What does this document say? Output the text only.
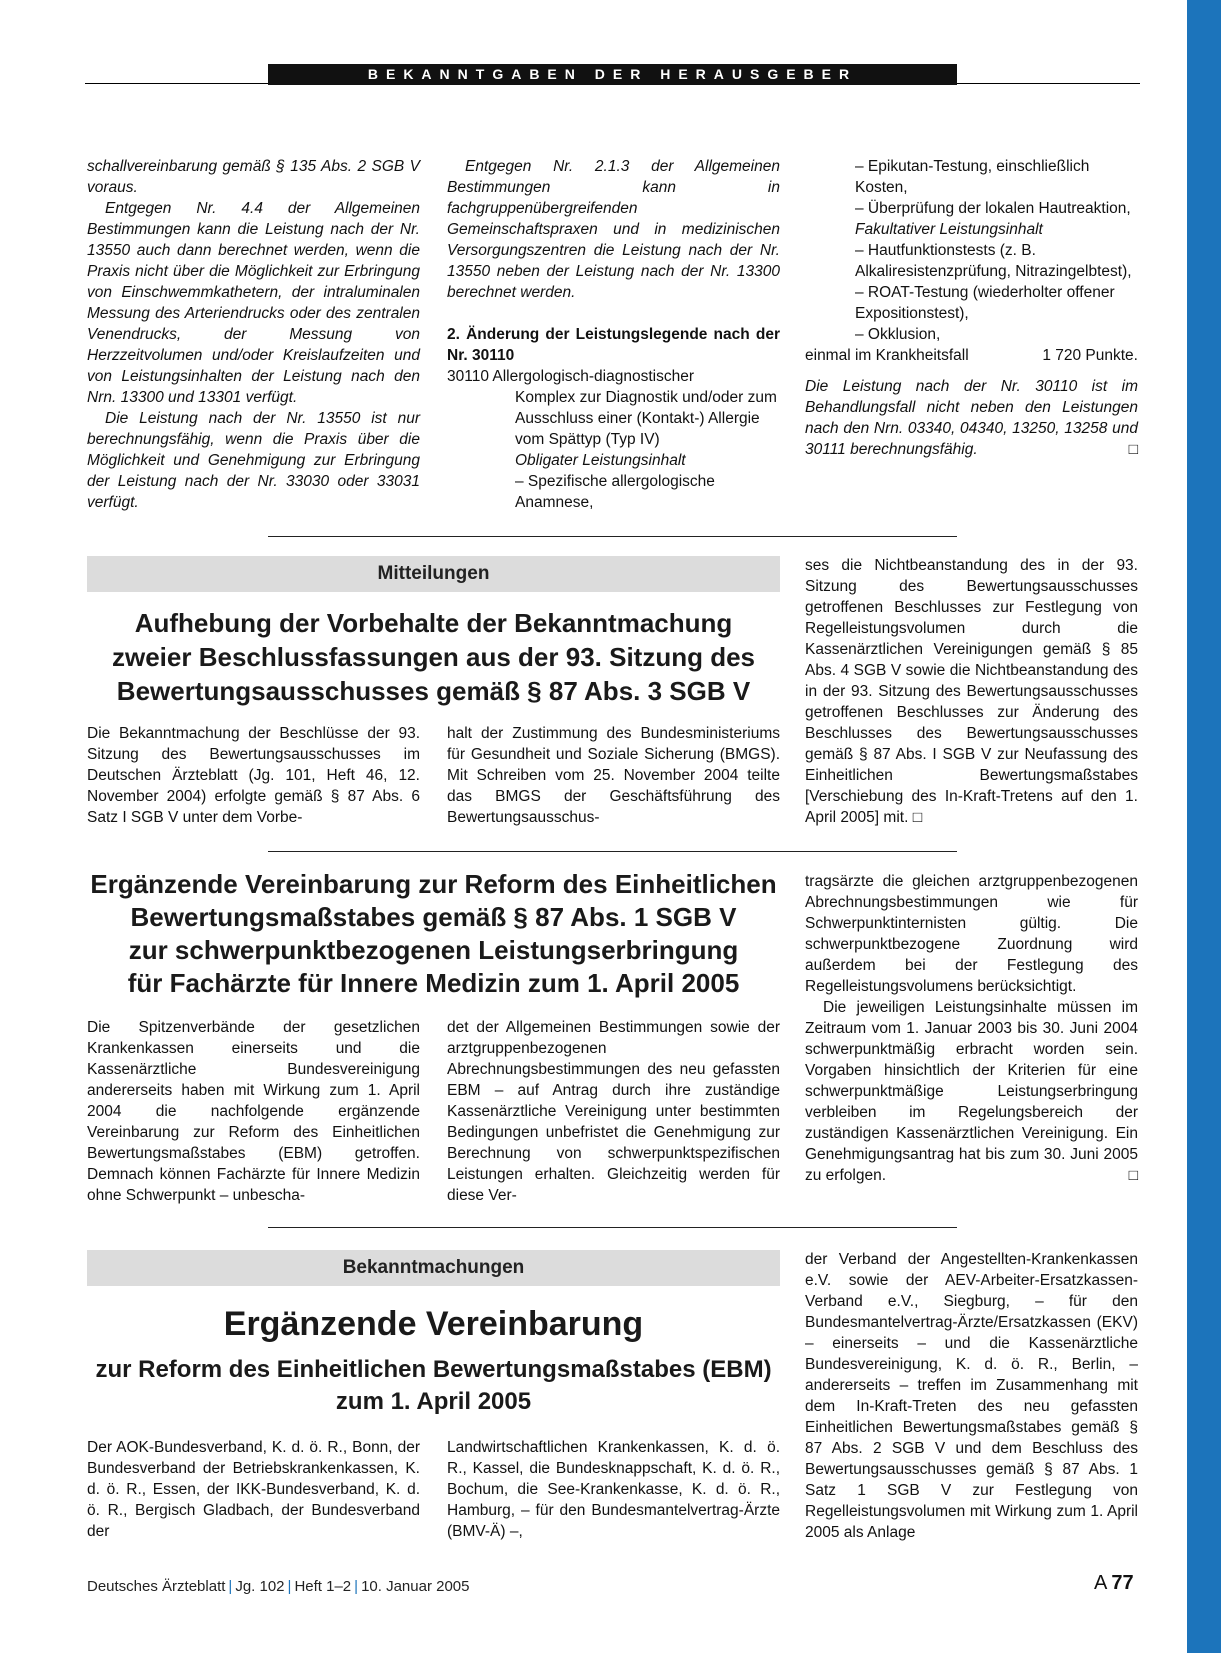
BEKANNTGABEN DER HERAUSGEBER

schallvereinbarung gemäß § 135 Abs. 2 SGB V voraus.

Entgegen Nr. 4.4 der Allgemeinen Bestimmungen kann die Leistung nach der Nr. 13550 auch dann berechnet werden, wenn die Praxis nicht über die Möglichkeit zur Erbringung von Einschwemmkathetern, der intraluminalen Messung des Arteriendrucks oder des zentralen Venendrucks, der Messung von Herzzeitvolumen und/oder Kreislaufzeiten und von Leistungsinhalten der Leistung nach den Nrn. 13300 und 13301 verfügt.

Die Leistung nach der Nr. 13550 ist nur berechnungsfähig, wenn die Praxis über die Möglichkeit und Genehmigung zur Erbringung der Leistung nach der Nr. 33030 oder 33031 verfügt.

Entgegen Nr. 2.1.3 der Allgemeinen Bestimmungen kann in fachgruppenübergreifenden Gemeinschaftspraxen und in medizinischen Versorgungszentren die Leistung nach der Nr. 13550 neben der Leistung nach der Nr. 13300 berechnet werden.

2. Änderung der Leistungslegende nach der Nr. 30110

30110 Allergologisch-diagnostischer

Komplex zur Diagnostik und/oder zum Ausschluss einer (Kontakt-) Allergie vom Spättyp (Typ IV)

Obligater Leistungsinhalt

– Spezifische allergologische Anamnese,

– Epikutan-Testung, einschließlich Kosten,

– Überprüfung der lokalen Hautreaktion,

Fakultativer Leistungsinhalt

– Hautfunktionstests (z. B. Alkaliresistenzprüfung, Nitrazingelbtest),

– ROAT-Testung (wiederholter offener Expositionstest),

– Okklusion,

einmal im Krankheitsfall	1 720 Punkte.

Die Leistung nach der Nr. 30110 ist im Behandlungsfall nicht neben den Leistungen nach den Nrn. 03340, 04340, 13250, 13258 und 30111 berechnungsfähig.	□

Mitteilungen
Aufhebung der Vorbehalte der Bekanntmachung
zweier Beschlussfassungen aus der 93. Sitzung des
Bewertungsausschusses gemäß § 87 Abs. 3 SGB V

Die Bekanntmachung der Beschlüsse der 93. Sitzung des Bewertungsausschusses im Deutschen Ärzteblatt (Jg. 101, Heft 46, 12. November 2004) erfolgte gemäß § 87 Abs. 6 Satz I SGB V unter dem Vorbe-

halt der Zustimmung des Bundesministeriums für Gesundheit und Soziale Sicherung (BMGS). Mit Schreiben vom 25. November 2004 teilte das BMGS der Geschäftsführung des Bewertungsausschus-

ses die Nichtbeanstandung des in der 93. Sitzung des Bewertungsausschusses getroffenen Beschlusses zur Festlegung von Regelleistungsvolumen durch die Kassenärztlichen Vereinigungen gemäß § 85 Abs. 4 SGB V sowie die Nichtbeanstandung des in der 93. Sitzung des Bewertungsausschusses getroffenen Beschlusses zur Änderung des Beschlusses des Bewertungsausschusses gemäß § 87 Abs. I SGB V zur Neufassung des Einheitlichen Bewertungsmaßstabes [Verschiebung des In-Kraft-Tretens auf den 1. April 2005] mit. □

Ergänzende Vereinbarung zur Reform des Einheitlichen
Bewertungsmaßstabes gemäß § 87 Abs. 1 SGB V
zur schwerpunktbezogenen Leistungserbringung
für Fachärzte für Innere Medizin zum 1. April 2005

Die Spitzenverbände der gesetzlichen Krankenkassen einerseits und die Kassenärztliche Bundesvereinigung andererseits haben mit Wirkung zum 1. April 2004 die nachfolgende ergänzende Vereinbarung zur Reform des Einheitlichen Bewertungsmaßstabes (EBM) getroffen. Demnach können Fachärzte für Innere Medizin ohne Schwerpunkt – unbescha-

det der Allgemeinen Bestimmungen sowie der arztgruppenbezogenen Abrechnungsbestimmungen des neu gefassten EBM – auf Antrag durch ihre zuständige Kassenärztliche Vereinigung unter bestimmten Bedingungen unbefristet die Genehmigung zur Berechnung von schwerpunktspezifischen Leistungen erhalten. Gleichzeitig werden für diese Ver-

tragsärzte die gleichen arztgruppenbezogenen Abrechnungsbestimmungen wie für Schwerpunktinternisten gültig. Die schwerpunktbezogene Zuordnung wird außerdem bei der Festlegung des Regelleistungsvolumens berücksichtigt.

Die jeweiligen Leistungsinhalte müssen im Zeitraum vom 1. Januar 2003 bis 30. Juni 2004 schwerpunktmäßig erbracht worden sein. Vorgaben hinsichtlich der Kriterien für eine schwerpunktmäßige Leistungserbringung verbleiben im Regelungsbereich der zuständigen Kassenärztlichen Vereinigung. Ein Genehmigungsantrag hat bis zum 30. Juni 2005 zu erfolgen.	□

Bekanntmachungen
Ergänzende Vereinbarung
zur Reform des Einheitlichen Bewertungsmaßstabes (EBM)
zum 1. April 2005

Der AOK-Bundesverband, K. d. ö. R., Bonn, der Bundesverband der Betriebskrankenkassen, K. d. ö. R., Essen, der IKK-Bundesverband, K. d. ö. R., Bergisch Gladbach, der Bundesverband der

Landwirtschaftlichen Krankenkassen, K. d. ö. R., Kassel, die Bundesknappschaft, K. d. ö. R., Bochum, die See-Krankenkasse, K. d. ö. R., Hamburg, – für den Bundesmantelvertrag-Ärzte (BMV-Ä) –,

der Verband der Angestellten-Krankenkassen e.V. sowie der AEV-Arbeiter-Ersatzkassen-Verband e.V., Siegburg, – für den Bundesmantelvertrag-Ärzte/Ersatzkassen (EKV) – einerseits – und die Kassenärztliche Bundesvereinigung, K. d. ö. R., Berlin, – andererseits – treffen im Zusammenhang mit dem In-Kraft-Treten des neu gefassten Einheitlichen Bewertungsmaßstabes gemäß § 87 Abs. 2 SGB V und dem Beschluss des Bewertungsausschusses gemäß § 87 Abs. 1 Satz 1 SGB V zur Festlegung von Regelleistungsvolumen mit Wirkung zum 1. April 2005 als Anlage

Deutsches Ärzteblatt | Jg. 102 | Heft 1–2 | 10. Januar 2005	A  77
